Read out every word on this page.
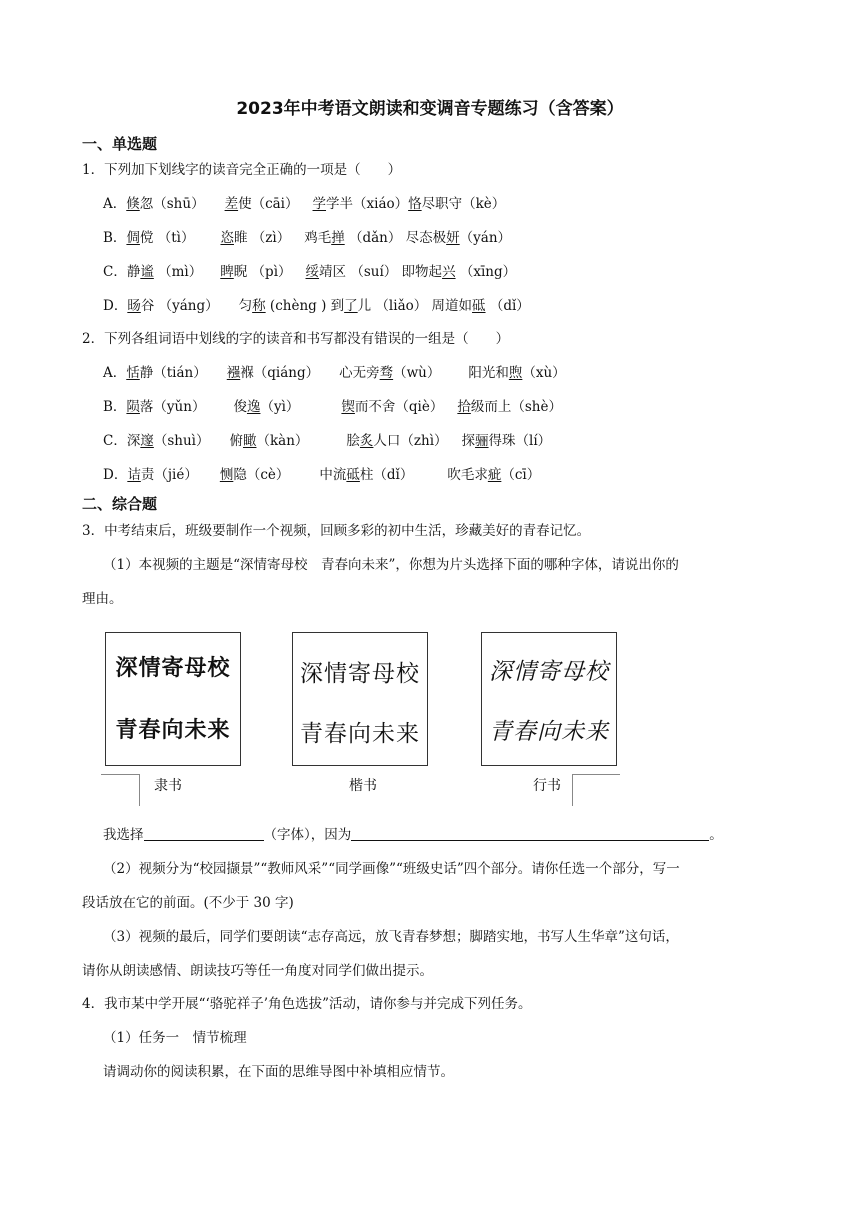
2023年中考语文朗读和变调音专题练习（含答案）
一、单选题
1．下列加下划线字的读音完全正确的一项是（　　）
A．倏忽（shū） 差使（cāi） 学学半（xiáo）恪尽职守（kè）
B．倜傥 （tì） 恣睢 （zì） 鸡毛掸 （dǎn） 尽态极妍（yán）
C．静谧 （mì） 睥睨 （pì） 绥靖区 （suí） 即物起兴 （xīng）
D．旸谷 （yáng） 匀称 (chèng ) 到了儿 （liǎo） 周道如砥 （dǐ）
2．下列各组词语中划线的字的读音和书写都没有错误的一组是（　　）
A．恬静（tián） 襁褓（qiáng） 心无旁骛（wù） 阳光和煦（xù）
B．陨落（yǔn） 俊逸（yì）	锲而不舍（qiè） 拾级而上（shè）
C．深邃（shuì） 俯瞰（kàn）	脍炙人口（zhì） 探骊得珠（lí）
D．诘责（jié） 恻隐（cè） 中流砥柱（dǐ）	吹毛求疵（cī）
二、综合题
3．中考结束后，班级要制作一个视频，回顾多彩的初中生活，珍藏美好的青春记忆。
（1）本视频的主题是“深情寄母校　青春向未来”，你想为片头选择下面的哪种字体，请说出你的
理由。
深情寄母校
青春向未来
深情寄母校
青春向未来
深情寄母校
青春向未来
隶书	楷书	行书
我选择	（字体），因为	。
（2）视频分为“校园撷景”“教师风采”“同学画像”“班级史话”四个部分。请你任选一个部分，写一
段话放在它的前面。(不少于 30 字)
（3）视频的最后，同学们要朗读“志存高远，放飞青春梦想；脚踏实地，书写人生华章”这句话，
请你从朗读感情、朗读技巧等任一角度对同学们做出提示。
4．我市某中学开展“‘骆驼祥子’角色选拔”活动，请你参与并完成下列任务。
（1）任务一　情节梳理
请调动你的阅读积累，在下面的思维导图中补填相应情节。
